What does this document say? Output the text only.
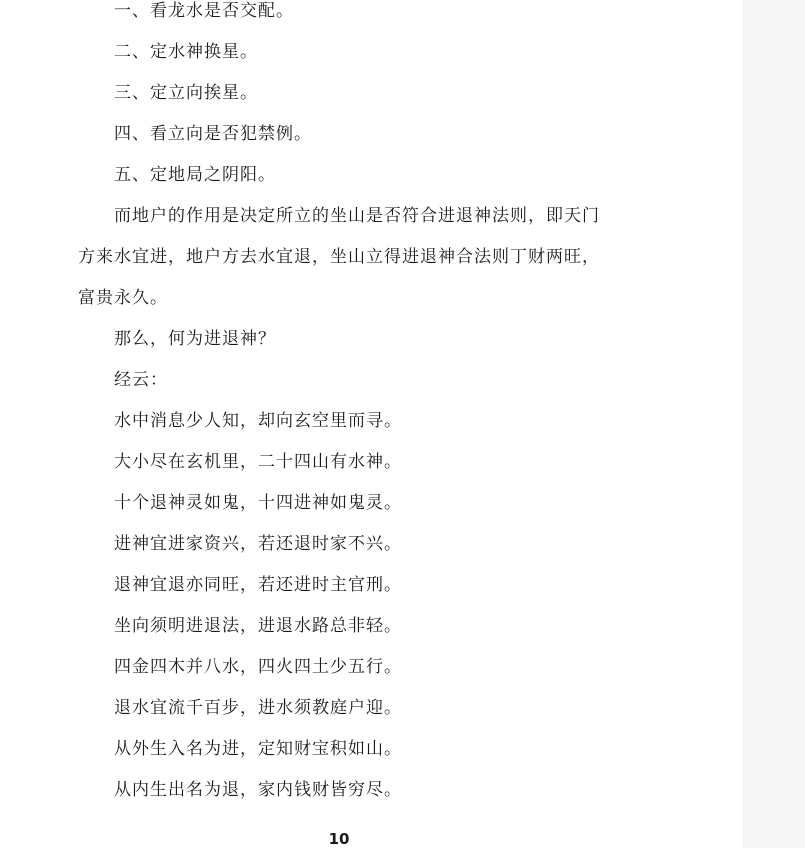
一、看龙水是否交配。
二、定水神换星。
三、定立向挨星。
四、看立向是否犯禁例。
五、定地局之阴阳。
而地户的作用是决定所立的坐山是否符合进退神法则，即天门
方来水宜进，地户方去水宜退，坐山立得进退神合法则丁财两旺，
富贵永久。
那么，何为进退神？
经云：
水中消息少人知，却向玄空里而寻。
大小尽在玄机里，二十四山有水神。
十个退神灵如鬼，十四进神如鬼灵。
进神宜进家资兴，若还退时家不兴。
退神宜退亦同旺，若还进时主官刑。
坐向须明进退法，进退水路总非轻。
四金四木并八水，四火四土少五行。
退水宜流千百步，进水须教庭户迎。
从外生入名为进，定知财宝积如山。
从内生出名为退，家内钱财皆穷尽。
10
